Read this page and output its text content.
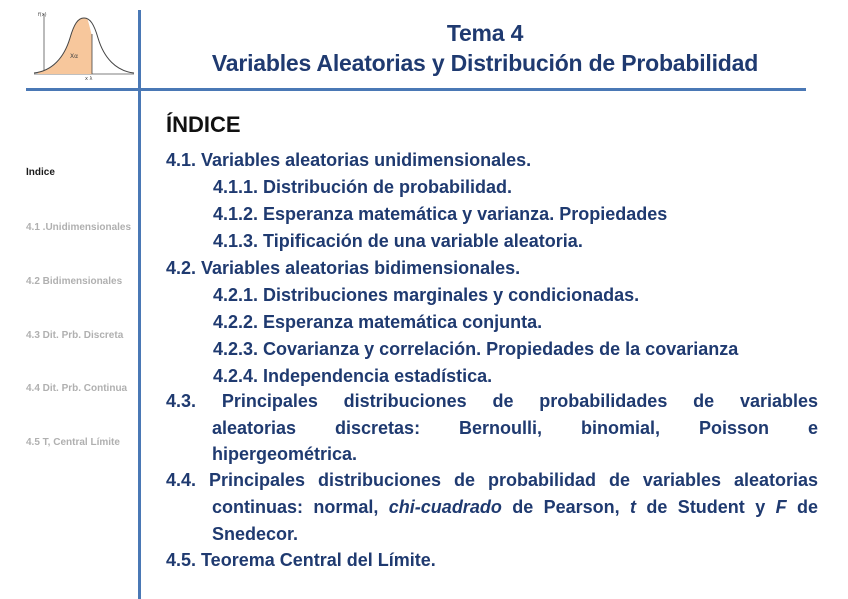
f(x)
Xα
x λ
Tema 4
Variables Aleatorias y Distribución de Probabilidad
Índice
4.1 .Unidimensionales
4.2 Bidimensionales
4.3 Dit. Prb. Discreta
4.4 Dit. Prb. Continua
4.5 T, Central Límite
ÍNDICE
4.1. Variables aleatorias unidimensionales.
4.1.1. Distribución de probabilidad.
4.1.2. Esperanza matemática y varianza. Propiedades
4.1.3. Tipificación de una variable aleatoria.
4.2. Variables aleatorias bidimensionales.
4.2.1. Distribuciones marginales y condicionadas.
4.2.2. Esperanza matemática conjunta.
4.2.3. Covarianza y correlación. Propiedades de la covarianza
4.2.4. Independencia estadística.
4.3. Principales distribuciones de probabilidades de variables
aleatorias discretas: Bernoulli, binomial, Poisson e
hipergeométrica.
4.4. Principales distribuciones de probabilidad de variables aleatorias
continuas: normal, chi-cuadrado de Pearson, t de Student y F de
Snedecor.
4.5. Teorema Central del Límite.
